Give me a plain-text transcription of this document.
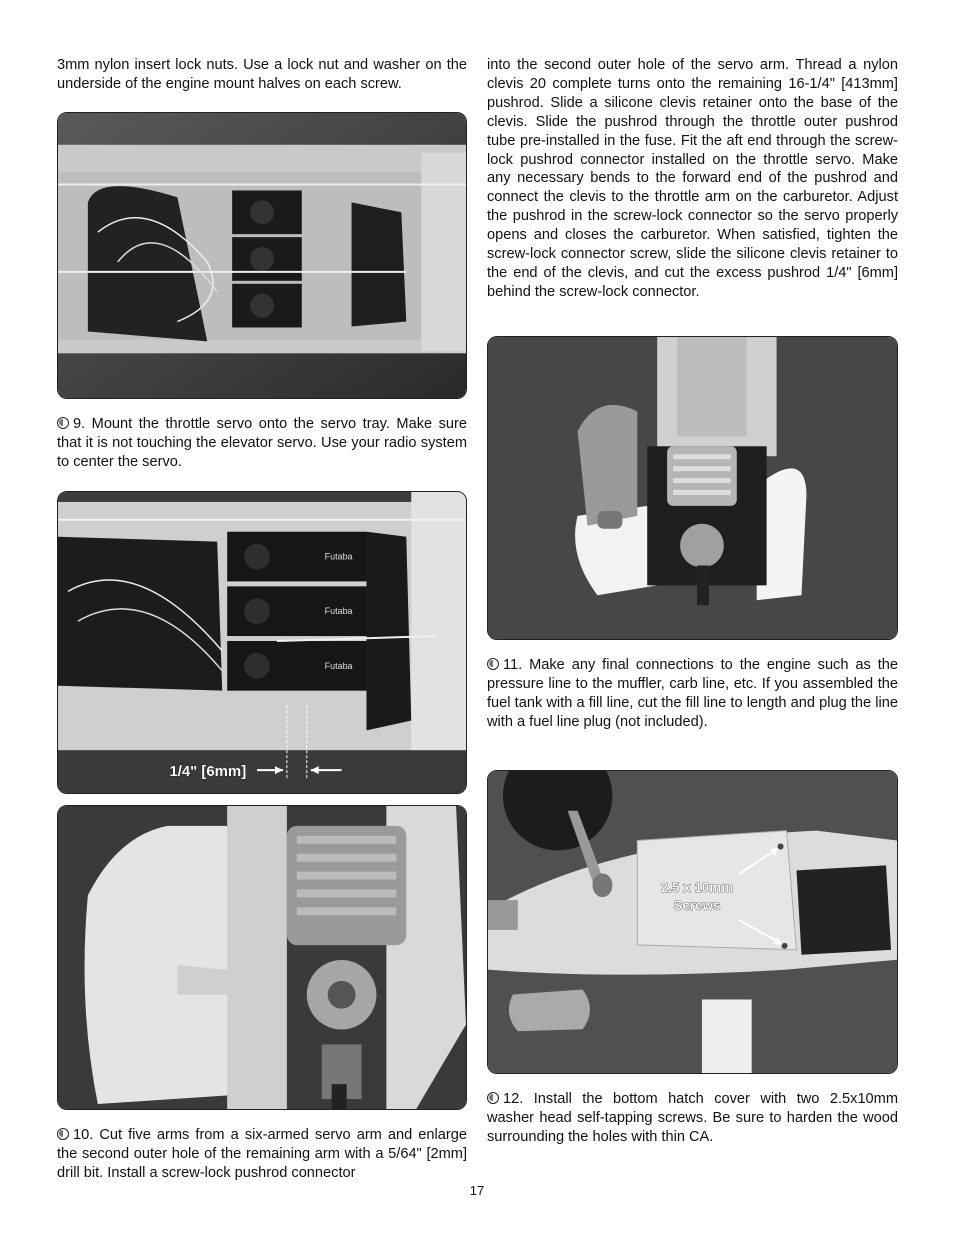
3mm nylon insert lock nuts. Use a lock nut and washer on the underside of the engine mount halves on each screw.

into the second outer hole of the servo arm. Thread a nylon clevis 20 complete turns onto the remaining 16-1/4" [413mm] pushrod. Slide a silicone clevis retainer onto the base of the clevis. Slide the pushrod through the throttle outer pushrod tube pre-installed in the fuse. Fit the aft end through the screw-lock pushrod connector installed on the throttle servo. Make any necessary bends to the forward end of the pushrod and connect the clevis to the throttle arm on the carburetor. Adjust the pushrod in the screw-lock connector so the servo properly opens and closes the carburetor. When satisfied, tighten the screw-lock connector screw, slide the silicone clevis retainer to the end of the clevis, and cut the excess pushrod 1/4" [6mm] behind the screw-lock connector.

9. Mount the throttle servo onto the servo tray. Make sure that it is not touching the elevator servo. Use your radio system to center the servo.

Futaba
Futaba
Futaba
1/4" [6mm]

10. Cut five arms from a six-armed servo arm and enlarge the second outer hole of the remaining arm with a 5/64" [2mm] drill bit. Install a screw-lock pushrod connector

11. Make any final connections to the engine such as the pressure line to the muffler, carb line, etc. If you assembled the fuel tank with a fill line, cut the fill line to length and plug the line with a fuel line plug (not included).

2.5 x 10mm
Screws

12. Install the bottom hatch cover with two 2.5x10mm washer head self-tapping screws. Be sure to harden the wood surrounding the holes with thin CA.

17
